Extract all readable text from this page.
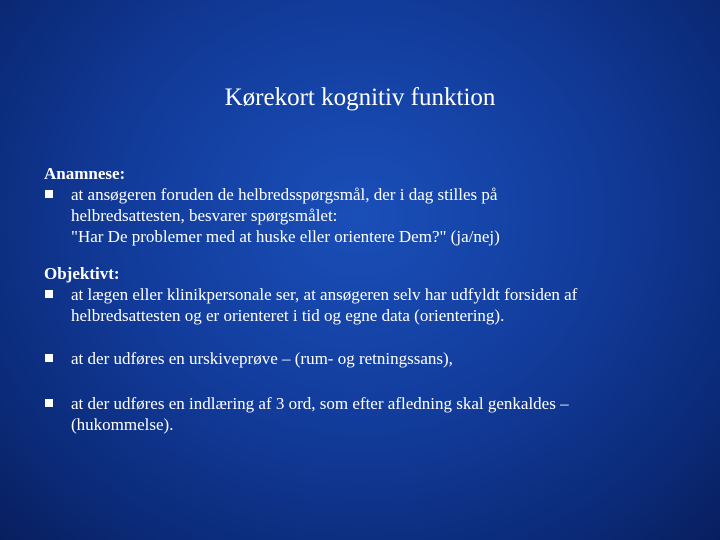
Kørekort kognitiv funktion
Anamnese:
at ansøgeren foruden de helbredsspørgsmål, der i dag stilles på
helbredsattesten, besvarer spørgsmålet:
"Har De problemer med at huske eller orientere Dem?" (ja/nej)
Objektivt:
at lægen eller klinikpersonale ser, at ansøgeren selv har udfyldt forsiden af
helbredsattesten og er orienteret i tid og egne data (orientering).
at der udføres en urskiveprøve – (rum- og retningssans),
at der udføres en indlæring af 3 ord, som efter afledning skal genkaldes –
(hukommelse).
